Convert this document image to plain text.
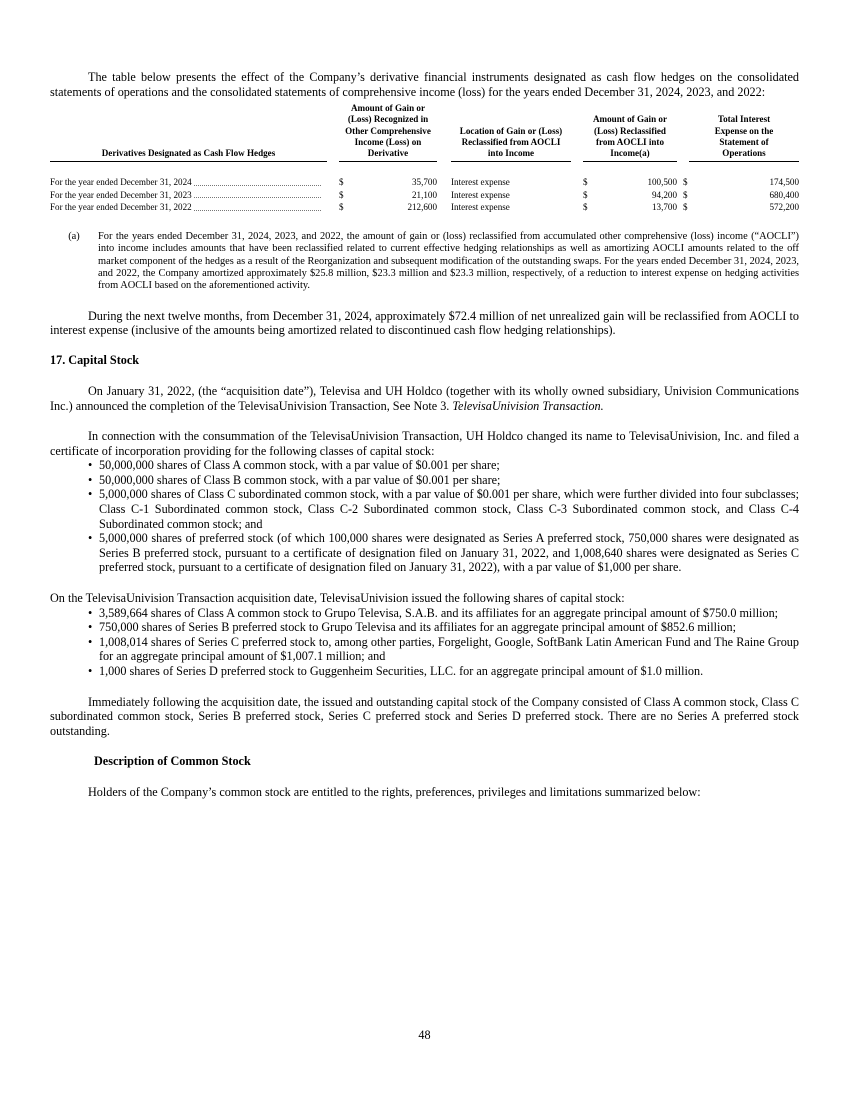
The table below presents the effect of the Company’s derivative financial instruments designated as cash flow hedges on the consolidated statements of operations and the consolidated statements of comprehensive income (loss) for the years ended December 31, 2024, 2023, and 2022:

Derivatives Designated as Cash Flow Hedges		Amount of Gain or (Loss) Recognized in Other Comprehensive Income (Loss) on Derivative		Location of Gain or (Loss) Reclassified from AOCLI into Income		Amount of Gain or (Loss) Reclassified from AOCLI into Income(a)		Total Interest Expense on the Statement of Operations

For the year ended December 31, 2024		$ 35,700		Interest expense		$ 100,500		$ 174,500

For the year ended December 31, 2023		$ 21,100		Interest expense		$ 94,200		$ 680,400

For the year ended December 31, 2022		$ 212,600		Interest expense		$ 13,700		$ 572,200
(a)	For the years ended December 31, 2024, 2023, and 2022, the amount of gain or (loss) reclassified from accumulated other comprehensive (loss) income (“AOCLI”) into income includes amounts that have been reclassified related to current effective hedging relationships as well as amortizing AOCLI amounts related to the off market component of the hedges as a result of the Reorganization and subsequent modification of the outstanding swaps. For the years ended December 31, 2024, 2023, and 2022, the Company amortized approximately $25.8 million, $23.3 million and $23.3 million, respectively, of a reduction to interest expense on hedging activities from AOCLI based on the aforementioned activity.

During the next twelve months, from December 31, 2024, approximately $72.4 million of net unrealized gain will be reclassified from AOCLI to interest expense (inclusive of the amounts being amortized related to discontinued cash flow hedging relationships).

17. Capital Stock

On January 31, 2022, (the “acquisition date”), Televisa and UH Holdco (together with its wholly owned subsidiary, Univision Communications Inc.) announced the completion of the TelevisaUnivision Transaction, See Note 3. TelevisaUnivision Transaction.

In connection with the consummation of the TelevisaUnivision Transaction, UH Holdco changed its name to TelevisaUnivision, Inc. and filed a certificate of incorporation providing for the following classes of capital stock:

• 50,000,000 shares of Class A common stock, with a par value of $0.001 per share;
• 50,000,000 shares of Class B common stock, with a par value of $0.001 per share;
• 5,000,000 shares of Class C subordinated common stock, with a par value of $0.001 per share, which were further divided into four subclasses; Class C-1 Subordinated common stock, Class C-2 Subordinated common stock, Class C-3 Subordinated common stock, and Class C-4 Subordinated common stock; and
• 5,000,000 shares of preferred stock (of which 100,000 shares were designated as Series A preferred stock, 750,000 shares were designated as Series B preferred stock, pursuant to a certificate of designation filed on January 31, 2022, and 1,008,640 shares were designated as Series C preferred stock, pursuant to a certificate of designation filed on January 31, 2022), with a par value of $1,000 per share.

On the TelevisaUnivision Transaction acquisition date, TelevisaUnivision issued the following shares of capital stock:

• 3,589,664 shares of Class A common stock to Grupo Televisa, S.A.B. and its affiliates for an aggregate principal amount of $750.0 million;
• 750,000 shares of Series B preferred stock to Grupo Televisa and its affiliates for an aggregate principal amount of $852.6 million;
• 1,008,014 shares of Series C preferred stock to, among other parties, Forgelight, Google, SoftBank Latin American Fund and The Raine Group for an aggregate principal amount of $1,007.1 million; and
• 1,000 shares of Series D preferred stock to Guggenheim Securities, LLC. for an aggregate principal amount of $1.0 million.

Immediately following the acquisition date, the issued and outstanding capital stock of the Company consisted of Class A common stock, Class C subordinated common stock, Series B preferred stock, Series C preferred stock and Series D preferred stock. There are no Series A preferred stock outstanding.

Description of Common Stock

Holders of the Company’s common stock are entitled to the rights, preferences, privileges and limitations summarized below:

48
